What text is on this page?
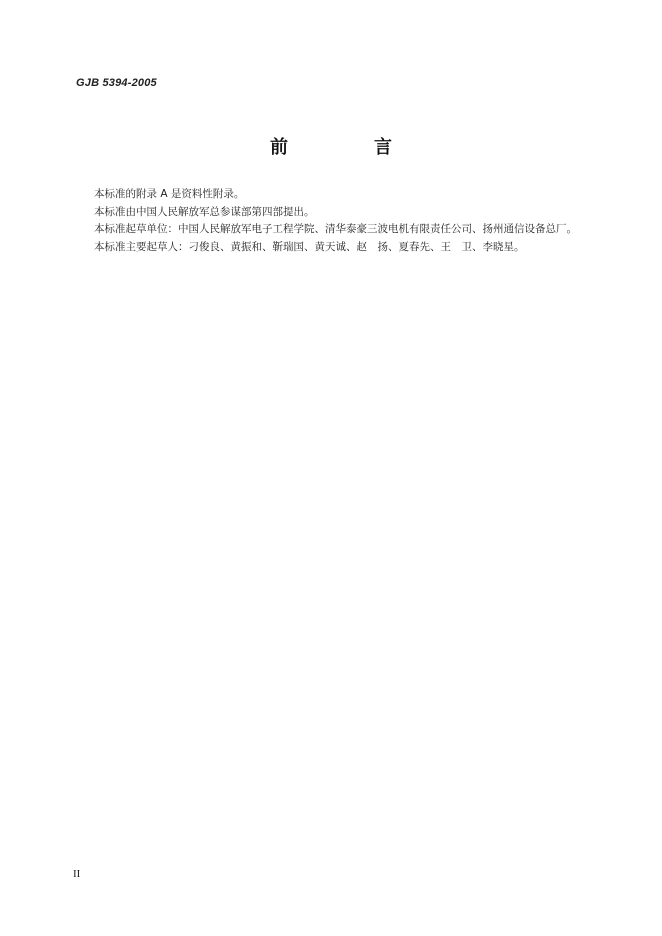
GJB 5394-2005
前　言

本标准的附录 A 是资料性附录。

本标准由中国人民解放军总参谋部第四部提出。

本标准起草单位：中国人民解放军电子工程学院、清华泰豪三波电机有限责任公司、扬州通信设备总厂。

本标准主要起草人：刁俊良、黄振和、靳瑞国、黄天诚、赵　扬、夏春先、王　卫、李晓星。

II
